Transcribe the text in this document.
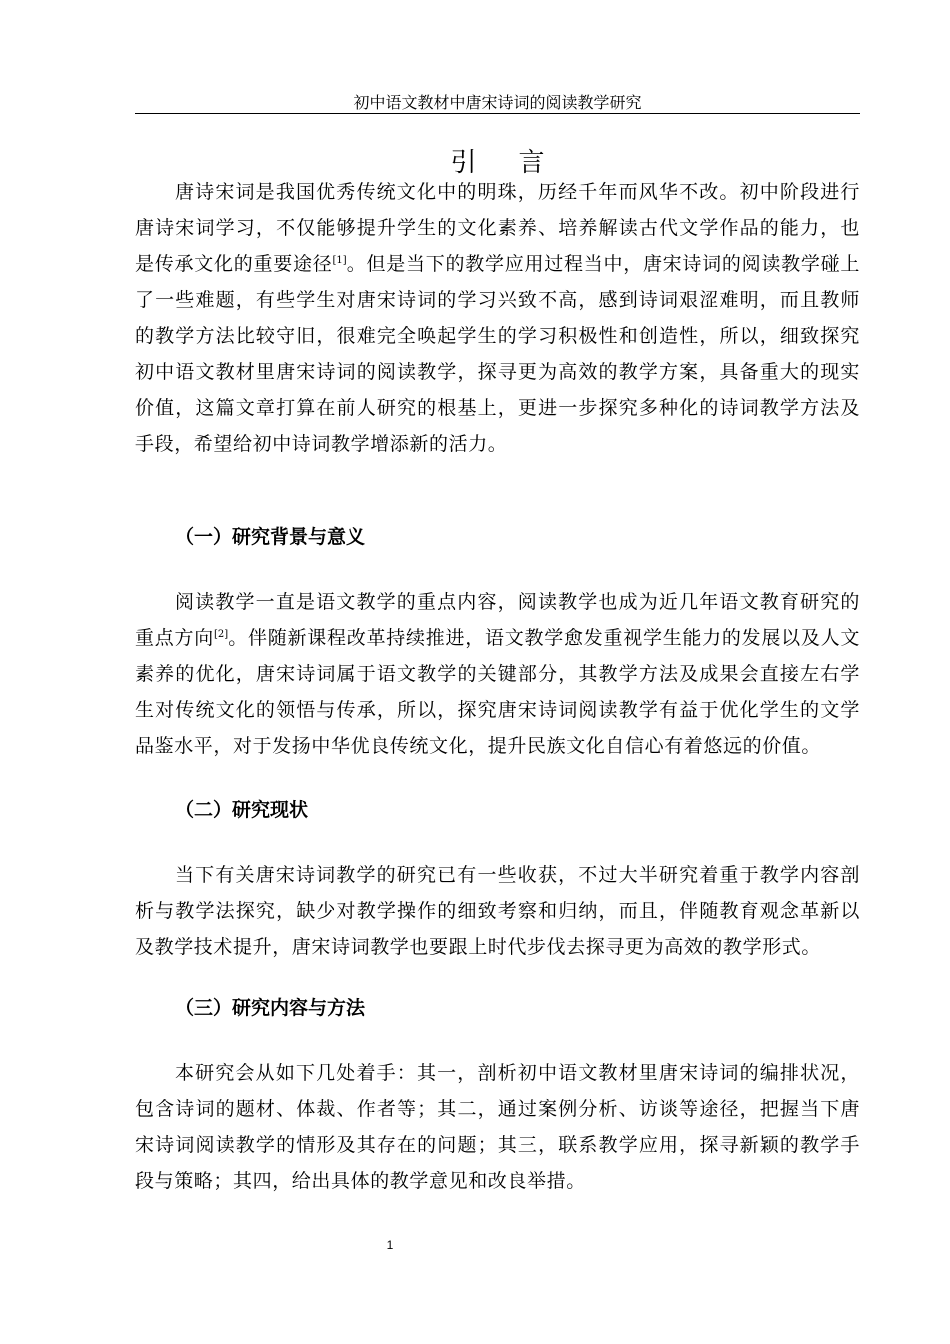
初中语文教材中唐宋诗词的阅读教学研究
引言

唐诗宋词是我国优秀传统文化中的明珠，历经千年而风华不改。初中阶段进行唐诗宋词学习，不仅能够提升学生的文化素养、培养解读古代文学作品的能力，也是传承文化的重要途径[1]。但是当下的教学应用过程当中，唐宋诗词的阅读教学碰上了一些难题，有些学生对唐宋诗词的学习兴致不高，感到诗词艰涩难明，而且教师的教学方法比较守旧，很难完全唤起学生的学习积极性和创造性，所以，细致探究初中语文教材里唐宋诗词的阅读教学，探寻更为高效的教学方案，具备重大的现实价值，这篇文章打算在前人研究的根基上，更进一步探究多种化的诗词教学方法及手段，希望给初中诗词教学增添新的活力。

（一）研究背景与意义

阅读教学一直是语文教学的重点内容，阅读教学也成为近几年语文教育研究的重点方向[2]。伴随新课程改革持续推进，语文教学愈发重视学生能力的发展以及人文素养的优化，唐宋诗词属于语文教学的关键部分，其教学方法及成果会直接左右学生对传统文化的领悟与传承，所以，探究唐宋诗词阅读教学有益于优化学生的文学品鉴水平，对于发扬中华优良传统文化，提升民族文化自信心有着悠远的价值。

（二）研究现状

当下有关唐宋诗词教学的研究已有一些收获，不过大半研究着重于教学内容剖析与教学法探究，缺少对教学操作的细致考察和归纳，而且，伴随教育观念革新以及教学技术提升，唐宋诗词教学也要跟上时代步伐去探寻更为高效的教学形式。

（三）研究内容与方法

本研究会从如下几处着手：其一，剖析初中语文教材里唐宋诗词的编排状况，包含诗词的题材、体裁、作者等；其二，通过案例分析、访谈等途径，把握当下唐宋诗词阅读教学的情形及其存在的问题；其三，联系教学应用，探寻新颖的教学手段与策略；其四，给出具体的教学意见和改良举措。

1
